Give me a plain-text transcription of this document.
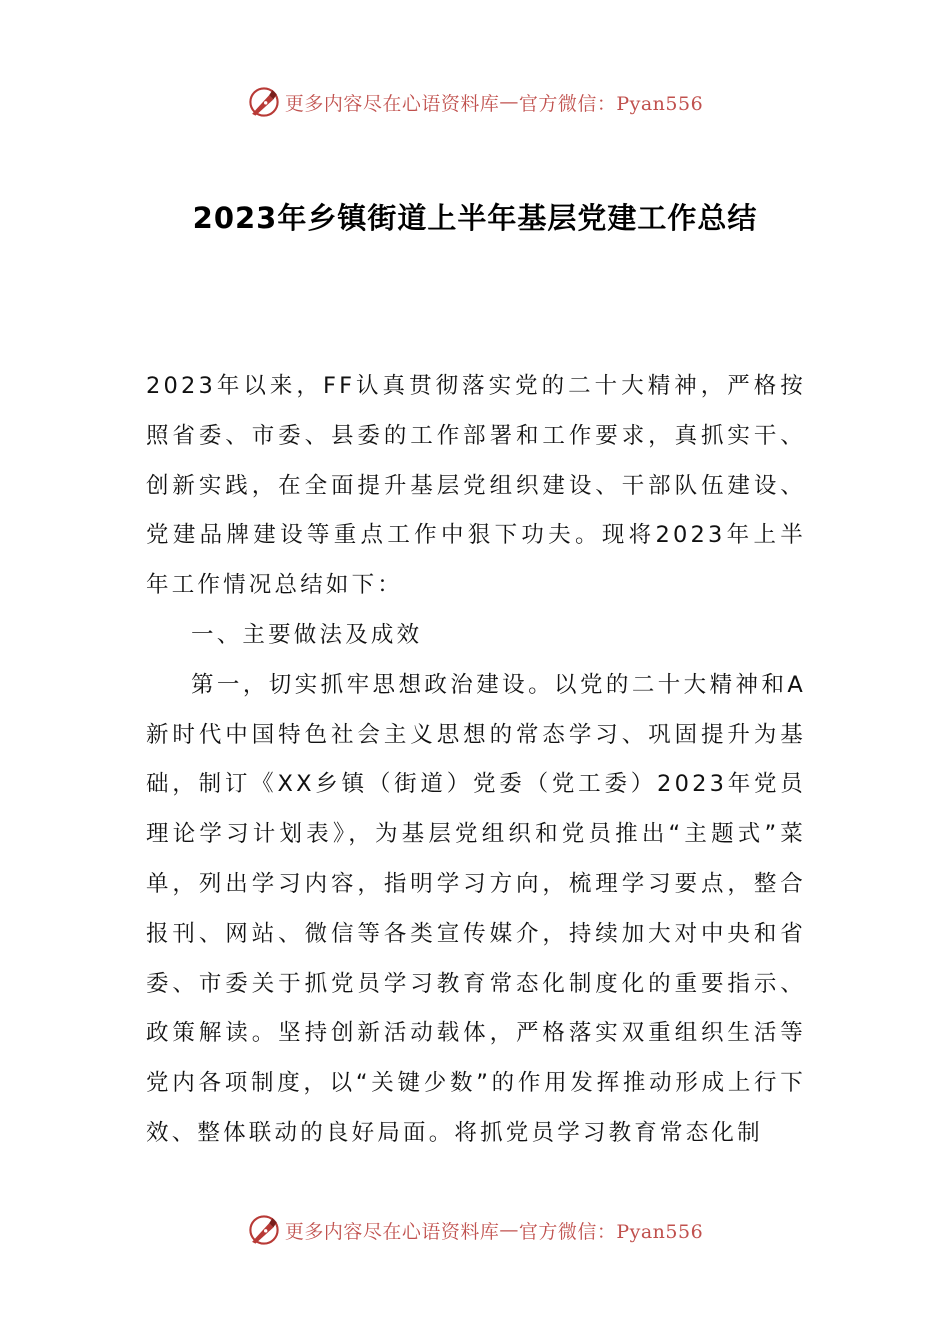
更多内容尽在心语资料库 — 官方微信：Pyan556
2023年乡镇街道上半年基层党建工作总结

2023年以来，FF认真贯彻落实党的二十大精神，严格按照省委、市委、县委的工作部署和工作要求，真抓实干、创新实践，在全面提升基层党组织建设、干部队伍建设、党建品牌建设等重点工作中狠下功夫。现将2023年上半年工作情况总结如下：

一、主要做法及成效

第一，切实抓牢思想政治建设。以党的二十大精神和A新时代中国特色社会主义思想的常态学习、巩固提升为基础，制订《XX乡镇（街道）党委（党工委）2023年党员理论学习计划表》，为基层党组织和党员推出“主题式”菜单，列出学习内容，指明学习方向，梳理学习要点，整合报刊、网站、微信等各类宣传媒介，持续加大对中央和省委、市委关于抓党员学习教育常态化制度化的重要指示、政策解读。坚持创新活动载体，严格落实双重组织生活等党内各项制度，以“关键少数”的作用发挥推动形成上行下效、整体联动的良好局面。将抓党员学习教育常态化制

更多内容尽在心语资料库 — 官方微信：Pyan556
